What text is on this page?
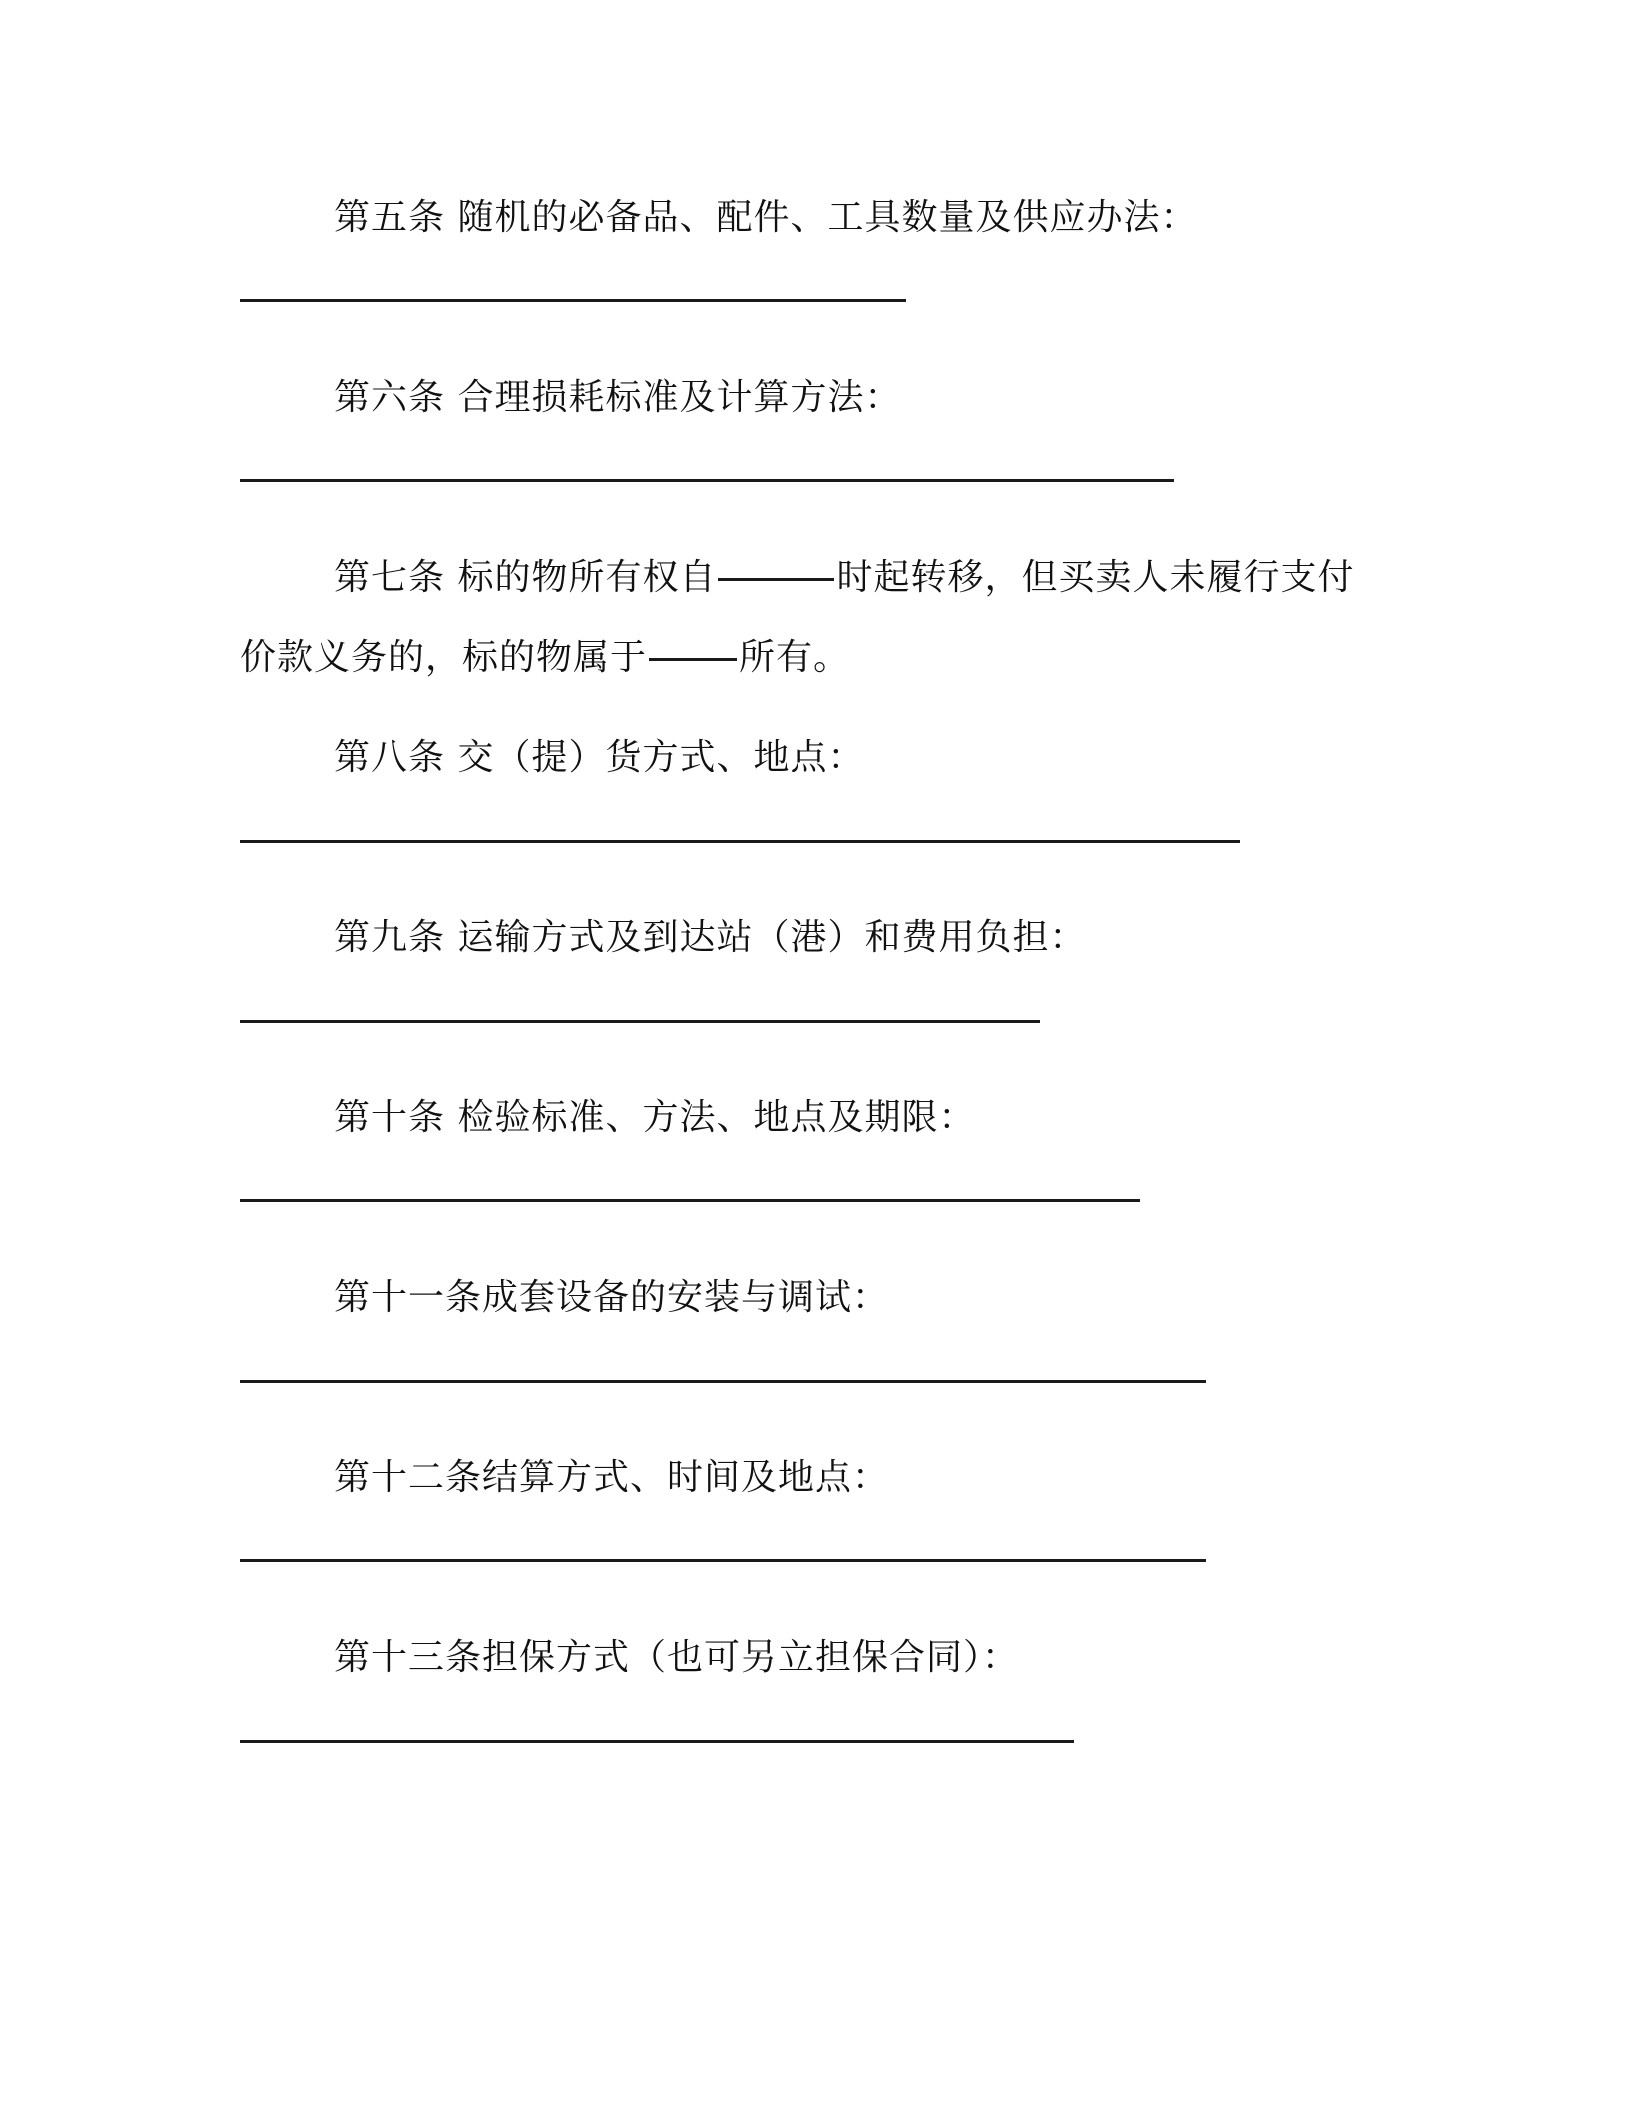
第五条 随机的必备品、配件、工具数量及供应办法：
第六条 合理损耗标准及计算方法：
第七条 标的物所有权自	时起转移，但买卖人未履行支付
价款义务的，标的物属于	所有。
第八条 交（提）货方式、地点：
第九条 运输方式及到达站（港）和费用负担：
第十条 检验标准、方法、地点及期限：
第十一条成套设备的安装与调试：
第十二条结算方式、时间及地点：
第十三条担保方式（也可另立担保合同）：
